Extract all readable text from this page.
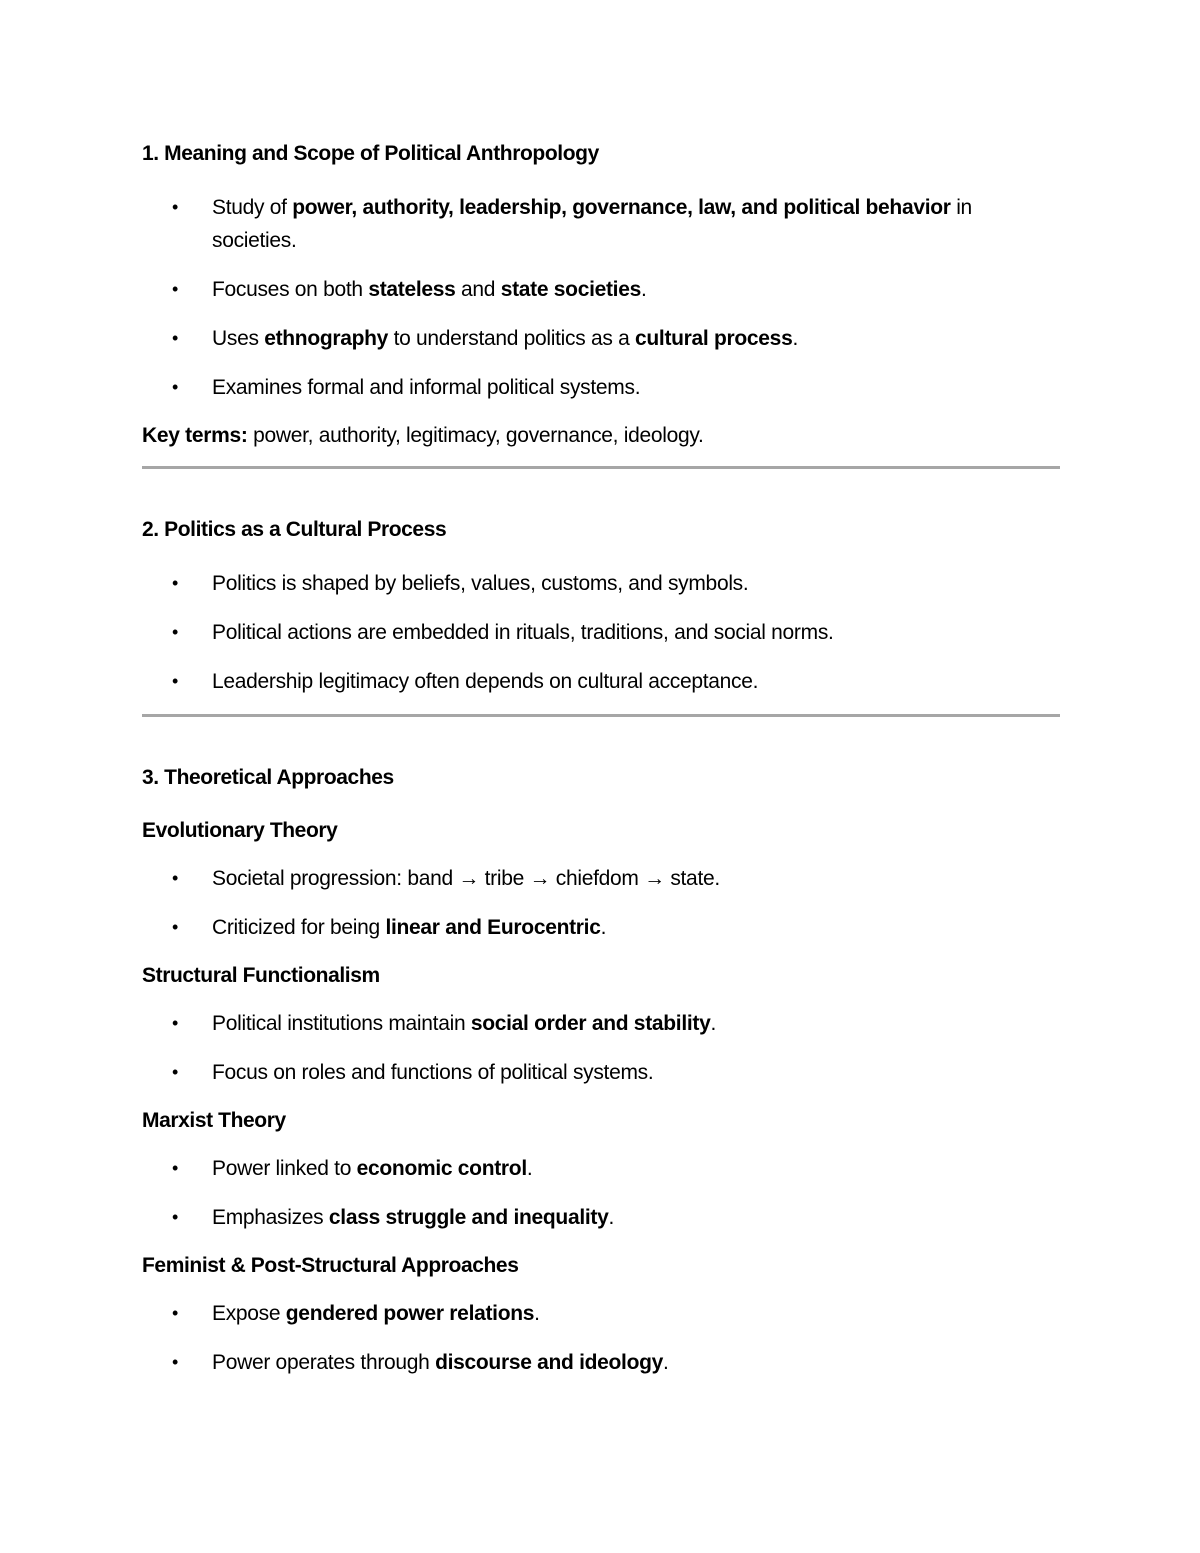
1. Meaning and Scope of Political Anthropology
• Study of power, authority, leadership, governance, law, and political behavior in societies.
• Focuses on both stateless and state societies.
• Uses ethnography to understand politics as a cultural process.
• Examines formal and informal political systems.
Key terms: power, authority, legitimacy, governance, ideology.
2. Politics as a Cultural Process
• Politics is shaped by beliefs, values, customs, and symbols.
• Political actions are embedded in rituals, traditions, and social norms.
• Leadership legitimacy often depends on cultural acceptance.
3. Theoretical Approaches
Evolutionary Theory
• Societal progression: band → tribe → chiefdom → state.
• Criticized for being linear and Eurocentric.
Structural Functionalism
• Political institutions maintain social order and stability.
• Focus on roles and functions of political systems.
Marxist Theory
• Power linked to economic control.
• Emphasizes class struggle and inequality.
Feminist & Post-Structural Approaches
• Expose gendered power relations.
• Power operates through discourse and ideology.
